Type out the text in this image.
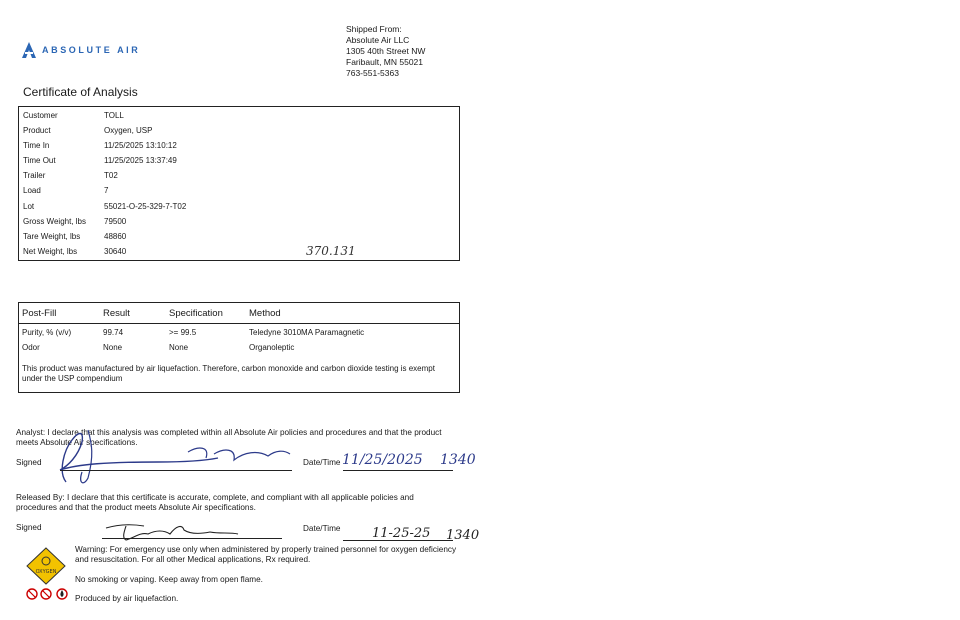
ABSOLUTE AIR
Shipped From:
Absolute Air LLC
1305 40th Street NW
Faribault, MN 55021
763-551-5363
Certificate of Analysis
Customer	TOLL
Product	Oxygen, USP
Time In	11/25/2025 13:10:12
Time Out	11/25/2025 13:37:49
Trailer	T02
Load	7
Lot	55021-O-25-329-7-T02
Gross Weight, lbs	79500
Tare Weight, lbs	48860
Net Weight, lbs	30640	370.131
Post-Fill	Result	Specification	Method
Purity, % (v/v)	99.74	>= 99.5	Teledyne 3010MA Paramagnetic
Odor	None	None	Organoleptic
This product was manufactured by air liquefaction. Therefore, carbon monoxide and carbon dioxide testing is exempt under the USP compendium
Analyst: I declare that this analysis was completed within all Absolute Air policies and procedures and that the product meets Absolute Air specifications.
Signed	Date/Time 11/25/2025 1340
Released By: I declare that this certificate is accurate, complete, and compliant with all applicable policies and procedures and that the product meets Absolute Air specifications.
Signed	Date/Time 11-25-25 1340
OXYGEN
Warning: For emergency use only when administered by properly trained personnel for oxygen deficiency and resuscitation. For all other Medical applications, Rx required.
No smoking or vaping. Keep away from open flame.
Produced by air liquefaction.
